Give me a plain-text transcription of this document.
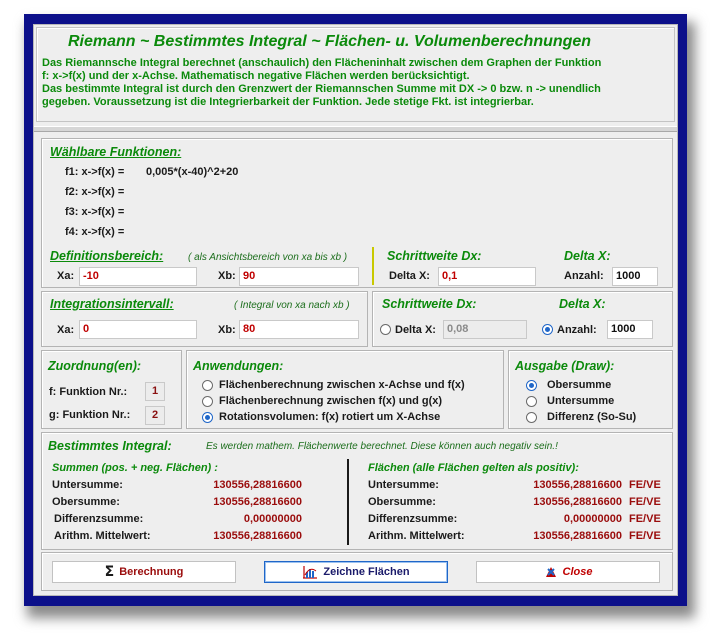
Riemann ~ Bestimmtes Integral ~ Flächen- u. Volumenberechnungen
Das Riemannsche Integral berechnet (anschaulich) den Flächeninhalt zwischen dem Graphen der Funktion
f: x->f(x) und der x-Achse. Mathematisch negative Flächen werden berücksichtigt.
Das bestimmte Integral ist durch den Grenzwert der Riemannschen Summe mit DX -> 0 bzw. n -> unendlich
gegeben. Voraussetzung ist die Integrierbarkeit der Funktion. Jede stetige Fkt. ist integrierbar.
Wählbare Funktionen:
f1: x->f(x) = 0,005*(x-40)^2+20
f2: x->f(x) =
f3: x->f(x) =
f4: x->f(x) =
Definitionsbereich: ( als Ansichtsbereich von xa bis xb )
Xa: -10	Xb: 90
Schrittweite Dx:
Delta X:	0,1
Delta X:
Anzahl:	1000
Integrationsintervall:	( Integral von xa nach xb )
Xa: 0	Xb: 80
Schrittweite Dx:
Delta X:	0,08
Delta X:
Anzahl:	1000
Zuordnung(en):
f: Funktion Nr.:	1
g: Funktion Nr.:	2
Anwendungen:
Flächenberechnung zwischen x-Achse und f(x)
Flächenberechnung zwischen f(x) und g(x)
Rotationsvolumen: f(x) rotiert um X-Achse
Ausgabe (Draw):
Obersumme
Untersumme
Differenz (So-Su)
Bestimmtes Integral:	Es werden mathem. Flächenwerte berechnet. Diese können auch negativ sein.!
Summen (pos. + neg. Flächen) :
Untersumme:	130556,28816600
Obersumme:	130556,28816600
Differenzsumme:	0,00000000
Arithm. Mittelwert:	130556,28816600
Flächen (alle Flächen gelten als positiv):
Untersumme:	130556,28816600 FE/VE
Obersumme:	130556,28816600 FE/VE
Differenzsumme:	0,00000000 FE/VE
Arithm. Mittelwert:	130556,28816600 FE/VE
Σ Berechnung	Zeichne Flächen	Close
